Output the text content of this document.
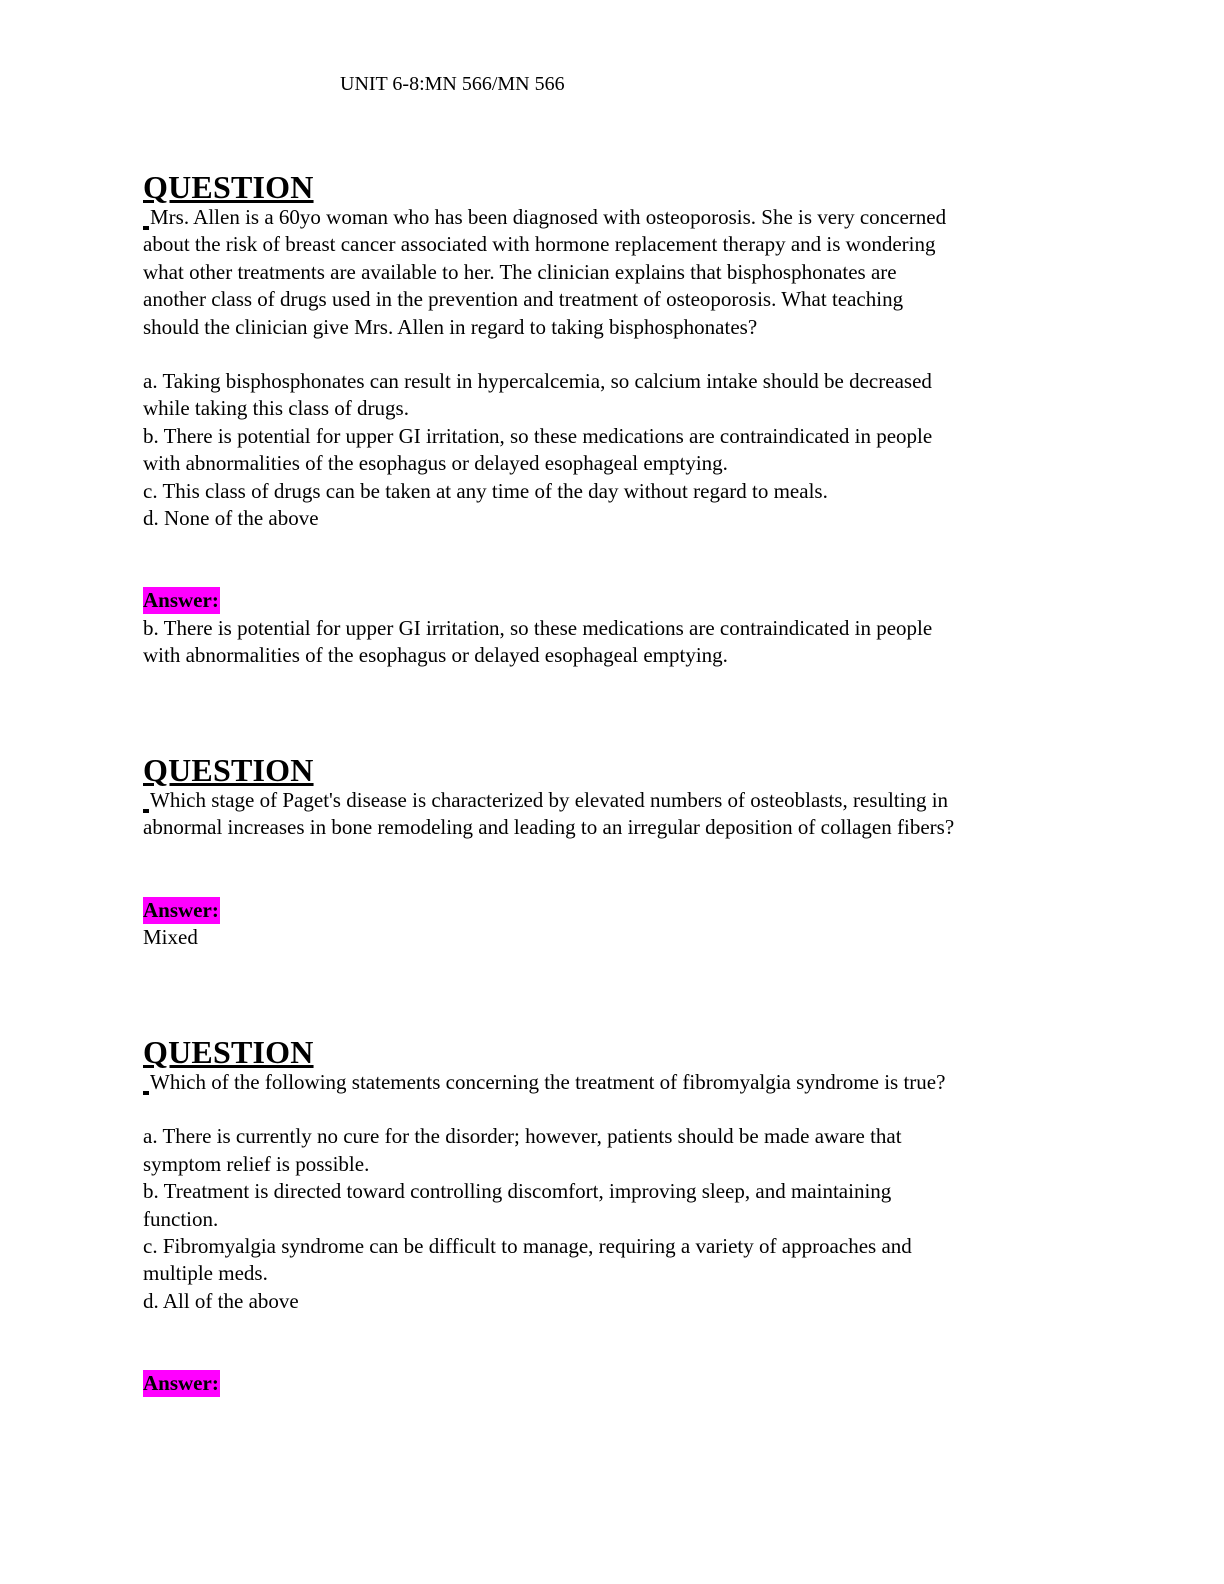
UNIT 6-8:MN 566/MN 566
QUESTION
Mrs. Allen is a 60yo woman who has been diagnosed with osteoporosis. She is very concerned
about the risk of breast cancer associated with hormone replacement therapy and is wondering
what other treatments are available to her. The clinician explains that bisphosphonates are
another class of drugs used in the prevention and treatment of osteoporosis. What teaching
should the clinician give Mrs. Allen in regard to taking bisphosphonates?
a. Taking bisphosphonates can result in hypercalcemia, so calcium intake should be decreased
while taking this class of drugs.
b. There is potential for upper GI irritation, so these medications are contraindicated in people
with abnormalities of the esophagus or delayed esophageal emptying.
c. This class of drugs can be taken at any time of the day without regard to meals.
d. None of the above
Answer:
b. There is potential for upper GI irritation, so these medications are contraindicated in people
with abnormalities of the esophagus or delayed esophageal emptying.
QUESTION
Which stage of Paget's disease is characterized by elevated numbers of osteoblasts, resulting in
abnormal increases in bone remodeling and leading to an irregular deposition of collagen fibers?
Answer:
Mixed
QUESTION
Which of the following statements concerning the treatment of fibromyalgia syndrome is true?
a. There is currently no cure for the disorder; however, patients should be made aware that
symptom relief is possible.
b. Treatment is directed toward controlling discomfort, improving sleep, and maintaining
function.
c. Fibromyalgia syndrome can be difficult to manage, requiring a variety of approaches and
multiple meds.
d. All of the above
Answer:
